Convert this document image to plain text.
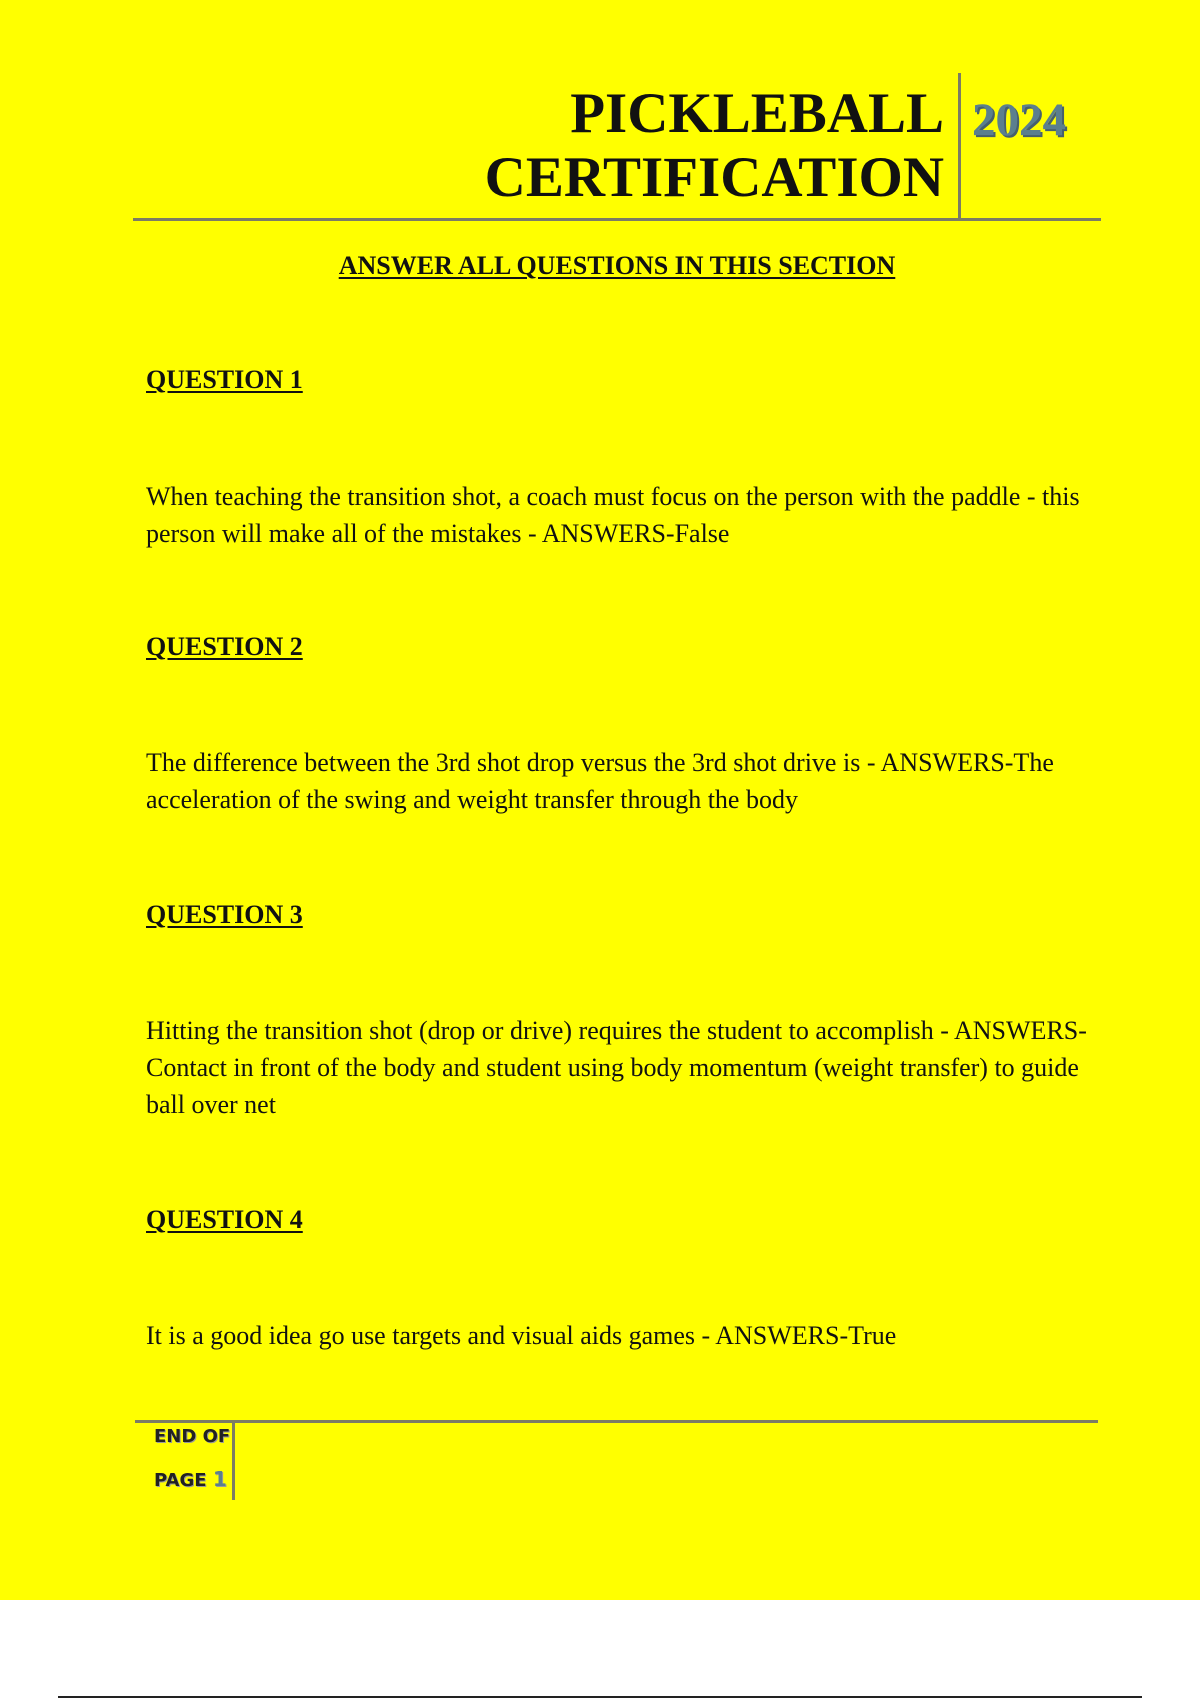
PICKLEBALL
CERTIFICATION
2024
ANSWER ALL QUESTIONS IN THIS SECTION
QUESTION 1
When teaching the transition shot, a coach must focus on the person with the paddle - this person will make all of the mistakes - ANSWERS-False
QUESTION 2
The difference between the 3rd shot drop versus the 3rd shot drive is - ANSWERS-The acceleration of the swing and weight transfer through the body
QUESTION 3
Hitting the transition shot (drop or drive) requires the student to accomplish - ANSWERS-Contact in front of the body and student using body momentum (weight transfer) to guide ball over net
QUESTION 4
It is a good idea go use targets and visual aids games - ANSWERS-True
END OF
PAGE 1
